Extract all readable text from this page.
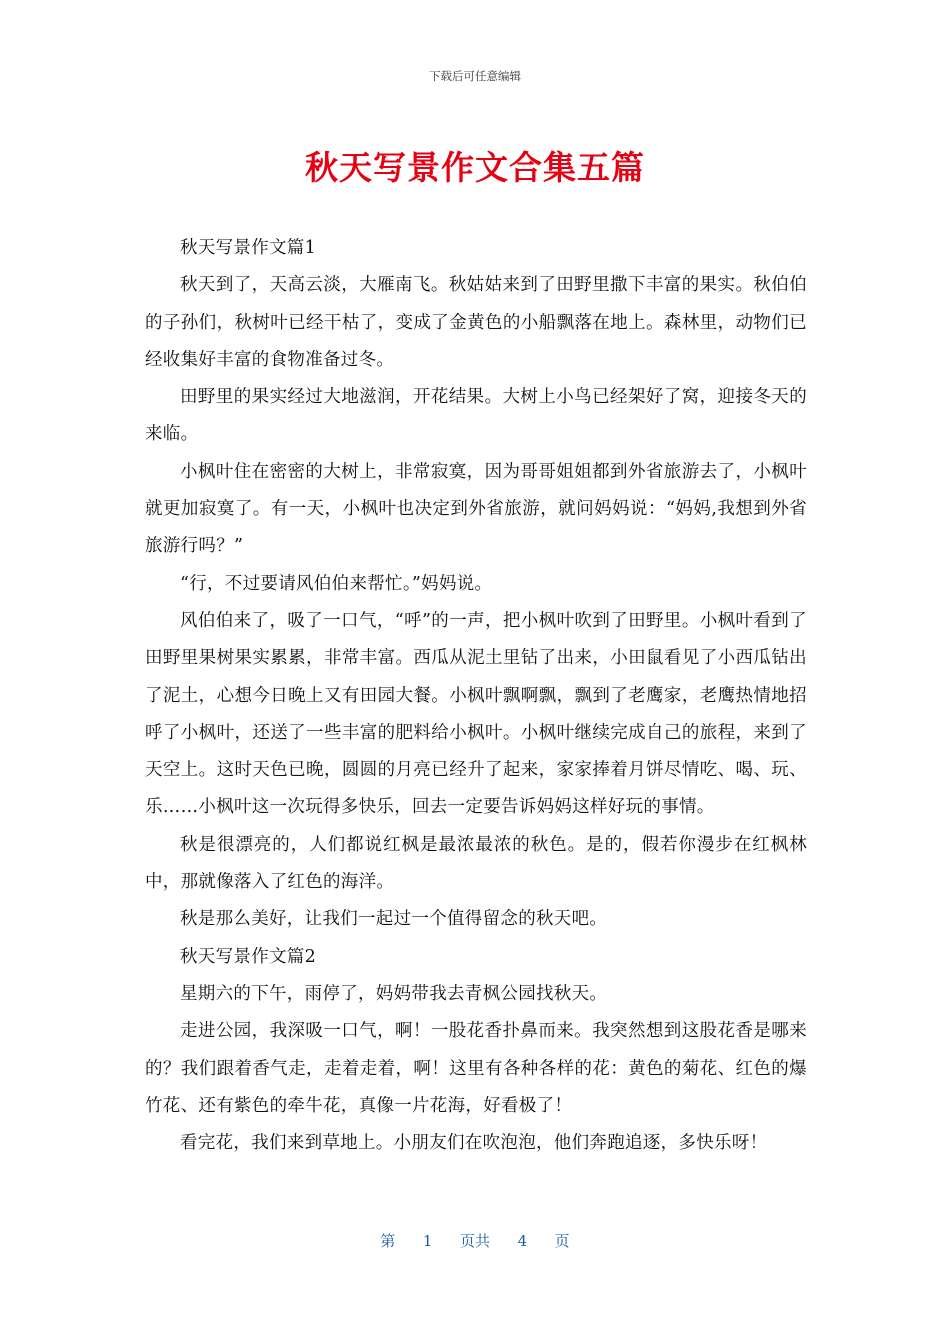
下载后可任意编辑
秋天写景作文合集五篇

秋天写景作文篇1

秋天到了，天高云淡，大雁南飞。秋姑姑来到了田野里撒下丰富的果实。秋伯伯的子孙们，秋树叶已经干枯了，变成了金黄色的小船飘落在地上。森林里，动物们已经收集好丰富的食物准备过冬。

田野里的果实经过大地滋润，开花结果。大树上小鸟已经架好了窝，迎接冬天的来临。

小枫叶住在密密的大树上，非常寂寞，因为哥哥姐姐都到外省旅游去了，小枫叶就更加寂寞了。有一天，小枫叶也决定到外省旅游，就问妈妈说：“妈妈,我想到外省旅游行吗？”

“行，不过要请风伯伯来帮忙。”妈妈说。

风伯伯来了，吸了一口气，“呼”的一声，把小枫叶吹到了田野里。小枫叶看到了田野里果树果实累累，非常丰富。西瓜从泥土里钻了出来，小田鼠看见了小西瓜钻出了泥土，心想今日晚上又有田园大餐。小枫叶飘啊飘，飘到了老鹰家，老鹰热情地招呼了小枫叶，还送了一些丰富的肥料给小枫叶。小枫叶继续完成自己的旅程，来到了天空上。这时天色已晚，圆圆的月亮已经升了起来，家家捧着月饼尽情吃、喝、玩、乐……小枫叶这一次玩得多快乐，回去一定要告诉妈妈这样好玩的事情。

秋是很漂亮的，人们都说红枫是最浓最浓的秋色。是的，假若你漫步在红枫林中，那就像落入了红色的海洋。

秋是那么美好，让我们一起过一个值得留念的秋天吧。

秋天写景作文篇2

星期六的下午，雨停了，妈妈带我去青枫公园找秋天。

走进公园，我深吸一口气，啊！一股花香扑鼻而来。我突然想到这股花香是哪来的？我们跟着香气走，走着走着，啊！这里有各种各样的花：黄色的菊花、红色的爆竹花、还有紫色的牵牛花，真像一片花海，好看极了！

看完花，我们来到草地上。小朋友们在吹泡泡，他们奔跑追逐，多快乐呀！

第 1 页共 4 页
